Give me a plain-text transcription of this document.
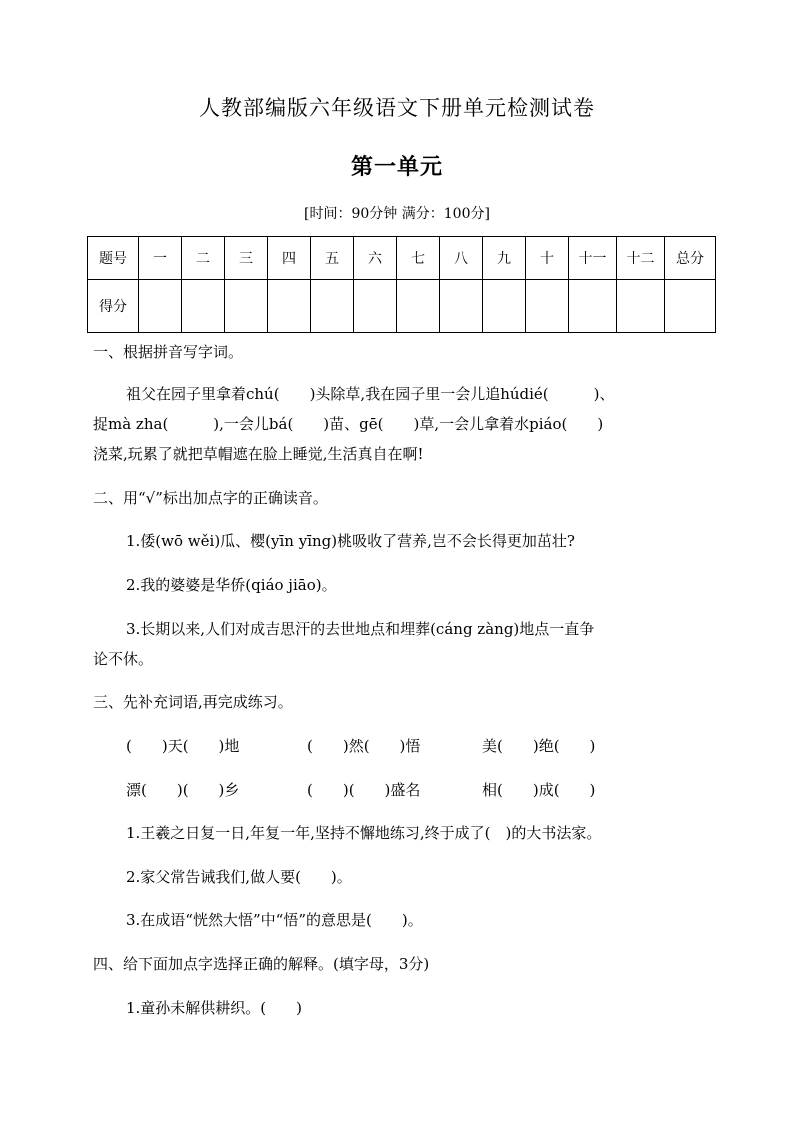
人教部编版六年级语文下册单元检测试卷
第一单元
[时间：90分钟 满分：100分]
题号	一	二	三	四	五	六	七	八	九	十	十一	十二	总分
得分													
一、根据拼音写字词。
祖父在园子里拿着chú(　　)头除草,我在园子里一会儿追húdié(　　　)、
捉mà zha(　　　),一会儿bá(　　)苗、gē(　　)草,一会儿拿着水piáo(　　)
浇菜,玩累了就把草帽遮在脸上睡觉,生活真自在啊!
二、用“√”标出加点字的正确读音。
1.倭(wō wěi)瓜、樱(yīn yīng)桃吸收了营养,岂不会长得更加茁壮?
2.我的婆婆是华侨(qiáo jiāo)。
3.长期以来,人们对成吉思汗的去世地点和埋葬(cáng zàng)地点一直争
论不休。
三、先补充词语,再完成练习。
(　　)天(　　)地	(　　)然(　　)悟	美(　　)绝(　　)
漂(　　)(　　)乡	(　　)(　　)盛名	相(　　)成(　　)
1.王羲之日复一日,年复一年,坚持不懈地练习,终于成了(　)的大书法家。
2.家父常告诫我们,做人要(　　)。
3.在成语“恍然大悟”中“悟”的意思是(　　)。
四、给下面加点字选择正确的解释。(填字母，3分)
1.童孙未解供耕织。(　　)
